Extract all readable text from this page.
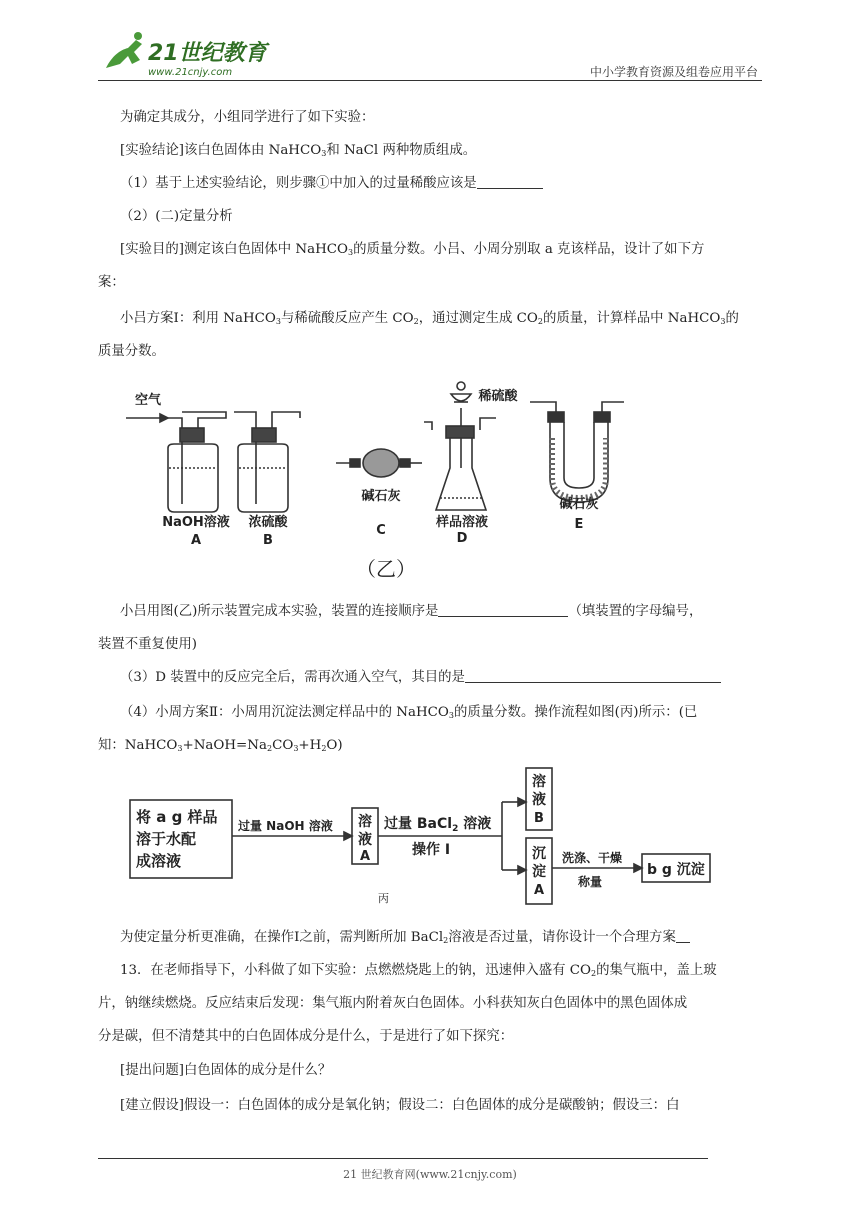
21世纪教育
www.21cnjy.com	中小学教育资源及组卷应用平台
为确定其成分，小组同学进行了如下实验：
[实验结论]该白色固体由 NaHCO$_3$和 NaCl 两种物质组成。
（1）基于上述实验结论，则步骤①中加入的过量稀酸应该是
（2）(二)定量分析
[实验目的]测定该白色固体中 NaHCO$_3$的质量分数。小吕、小周分别取 a 克该样品，设计了如下方
案：
小吕方案Ⅰ：利用 NaHCO$_3$与稀硫酸反应产生 $CO_2$，通过测定生成 $CO_2$的质量，计算样品中 NaHCO$_3$的
质量分数。
空气
NaOH溶液
A
浓硫酸
B
碱石灰
C
稀硫酸
样品溶液
D
碱石灰
E
（乙）
小吕用图(乙)所示装置完成本实验，装置的连接顺序是	（填装置的字母编号，
装置不重复使用)
（3）D 装置中的反应完全后，需再次通入空气，其目的是
（4）小周方案Ⅱ：小周用沉淀法测定样品中的 NaHCO$_3$的质量分数。操作流程如图(丙)所示：(已
知：$NaHCO_3+NaOH=Na_2CO_3+H_2O$)
将 a g 样品
溶于水配
成溶液
过量 NaOH 溶液 溶
液
A
过量 BaCl$_2$ 溶液
操作 Ⅰ
溶
液
B
沉
淀
A
洗涤、干燥
称量
b g 沉淀
丙
为使定量分析更准确，在操作Ⅰ之前，需判断所加 BaCl$_2$溶液是否过量，请你设计一个合理方案
13．在老师指导下，小科做了如下实验：点燃燃烧匙上的钠，迅速伸入盛有 $CO_2$的集气瓶中，盖上玻
片，钠继续燃烧。反应结束后发现：集气瓶内附着灰白色固体。小科获知灰白色固体中的黑色固体成
分是碳，但不清楚其中的白色固体成分是什么，于是进行了如下探究：
[提出问题]白色固体的成分是什么？
[建立假设]假设一：白色固体的成分是氧化钠；假设二：白色固体的成分是碳酸钠；假设三：白
21 世纪教育网(www.21cnjy.com)
